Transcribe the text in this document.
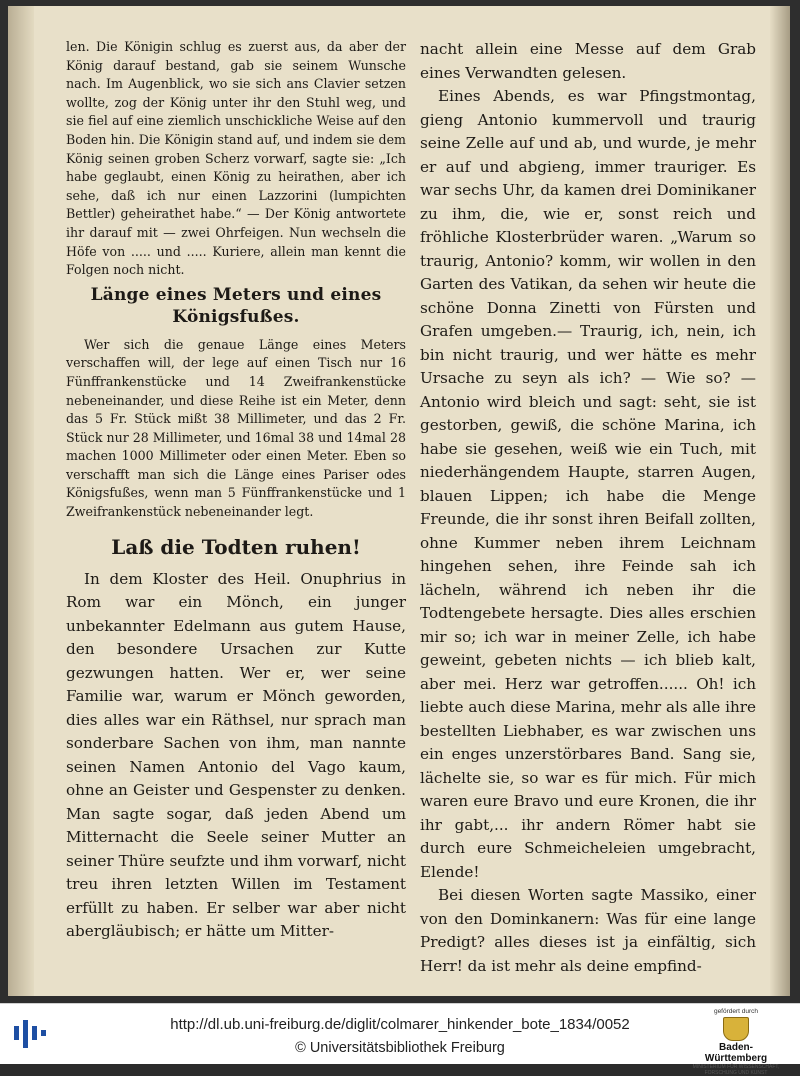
len. Die Königin schlug es zuerst aus, da aber der König darauf bestand, gab sie seinem Wunsche nach. Im Augenblick, wo sie sich ans Clavier setzen wollte, zog der König unter ihr den Stuhl weg, und sie fiel auf eine ziemlich unschickliche Weise auf den Boden hin. Die Königin stand auf, und indem sie dem König seinen groben Scherz vorwarf, sagte sie: „Ich habe geglaubt, einen König zu heirathen, aber ich sehe, daß ich nur einen Lazzorini (lumpichten Bettler) geheirathet habe.“ — Der König antwortete ihr darauf mit — zwei Ohrfeigen. Nun wechseln die Höfe von ..... und ..... Kuriere, allein man kennt die Folgen noch nicht.

Länge eines Meters und eines Königsfußes.

Wer sich die genaue Länge eines Meters verschaffen will, der lege auf einen Tisch nur 16 Fünffrankenstücke und 14 Zweifrankenstücke nebeneinander, und diese Reihe ist ein Meter, denn das 5 Fr. Stück mißt 38 Millimeter, und das 2 Fr. Stück nur 28 Millimeter, und 16mal 38 und 14mal 28 machen 1000 Millimeter oder einen Meter. Eben so verschafft man sich die Länge eines Pariser odes Königsfußes, wenn man 5 Fünffrankenstücke und 1 Zweifrankenstück nebeneinander legt.

Laß die Todten ruhen!

In dem Kloster des Heil. Onuphrius in Rom war ein Mönch, ein junger unbekannter Edelmann aus gutem Hause, den besondere Ursachen zur Kutte gezwungen hatten. Wer er, wer seine Familie war, warum er Mönch geworden, dies alles war ein Räthsel, nur sprach man sonderbare Sachen von ihm, man nannte seinen Namen Antonio del Vago kaum, ohne an Geister und Gespenster zu denken. Man sagte sogar, daß jeden Abend um Mitternacht die Seele seiner Mutter an seiner Thüre seufzte und ihm vorwarf, nicht treu ihren letzten Willen im Testament erfüllt zu haben. Er selber war aber nicht abergläubisch; er hätte um Mitter-

nacht allein eine Messe auf dem Grab eines Verwandten gelesen.

Eines Abends, es war Pfingstmontag, gieng Antonio kummervoll und traurig seine Zelle auf und ab, und wurde, je mehr er auf und abgieng, immer trauriger. Es war sechs Uhr, da kamen drei Dominikaner zu ihm, die, wie er, sonst reich und fröhliche Klosterbrüder waren. „Warum so traurig, Antonio? komm, wir wollen in den Garten des Vatikan, da sehen wir heute die schöne Donna Zinetti von Fürsten und Grafen umgeben.— Traurig, ich, nein, ich bin nicht traurig, und wer hätte es mehr Ursache zu seyn als ich? — Wie so? — Antonio wird bleich und sagt: seht, sie ist gestorben, gewiß, die schöne Marina, ich habe sie gesehen, weiß wie ein Tuch, mit niederhängendem Haupte, starren Augen, blauen Lippen; ich habe die Menge Freunde, die ihr sonst ihren Beifall zollten, ohne Kummer neben ihrem Leichnam hingehen sehen, ihre Feinde sah ich lächeln, während ich neben ihr die Todtengebete hersagte. Dies alles erschien mir so; ich war in meiner Zelle, ich habe geweint, gebeten nichts — ich blieb kalt, aber mei. Herz war getroffen...... Oh! ich liebte auch diese Marina, mehr als alle ihre bestellten Liebhaber, es war zwischen uns ein enges unzerstörbares Band. Sang sie, lächelte sie, so war es für mich. Für mich waren eure Bravo und eure Kronen, die ihr ihr gabt,... ihr andern Römer habt sie durch eure Schmeicheleien umgebracht, Elende!

Bei diesen Worten sagte Massiko, einer von den Dominkanern: Was für eine lange Predigt? alles dieses ist ja einfältig, sich Herr! da ist mehr als deine empfind-

http://dl.ub.uni-freiburg.de/diglit/colmarer_hinkender_bote_1834/0052
© Universitätsbibliothek Freiburg
gefördert durch
Baden-Württemberg
MINISTERIUM FÜR WISSENSCHAFT, FORSCHUNG UND KUNST
